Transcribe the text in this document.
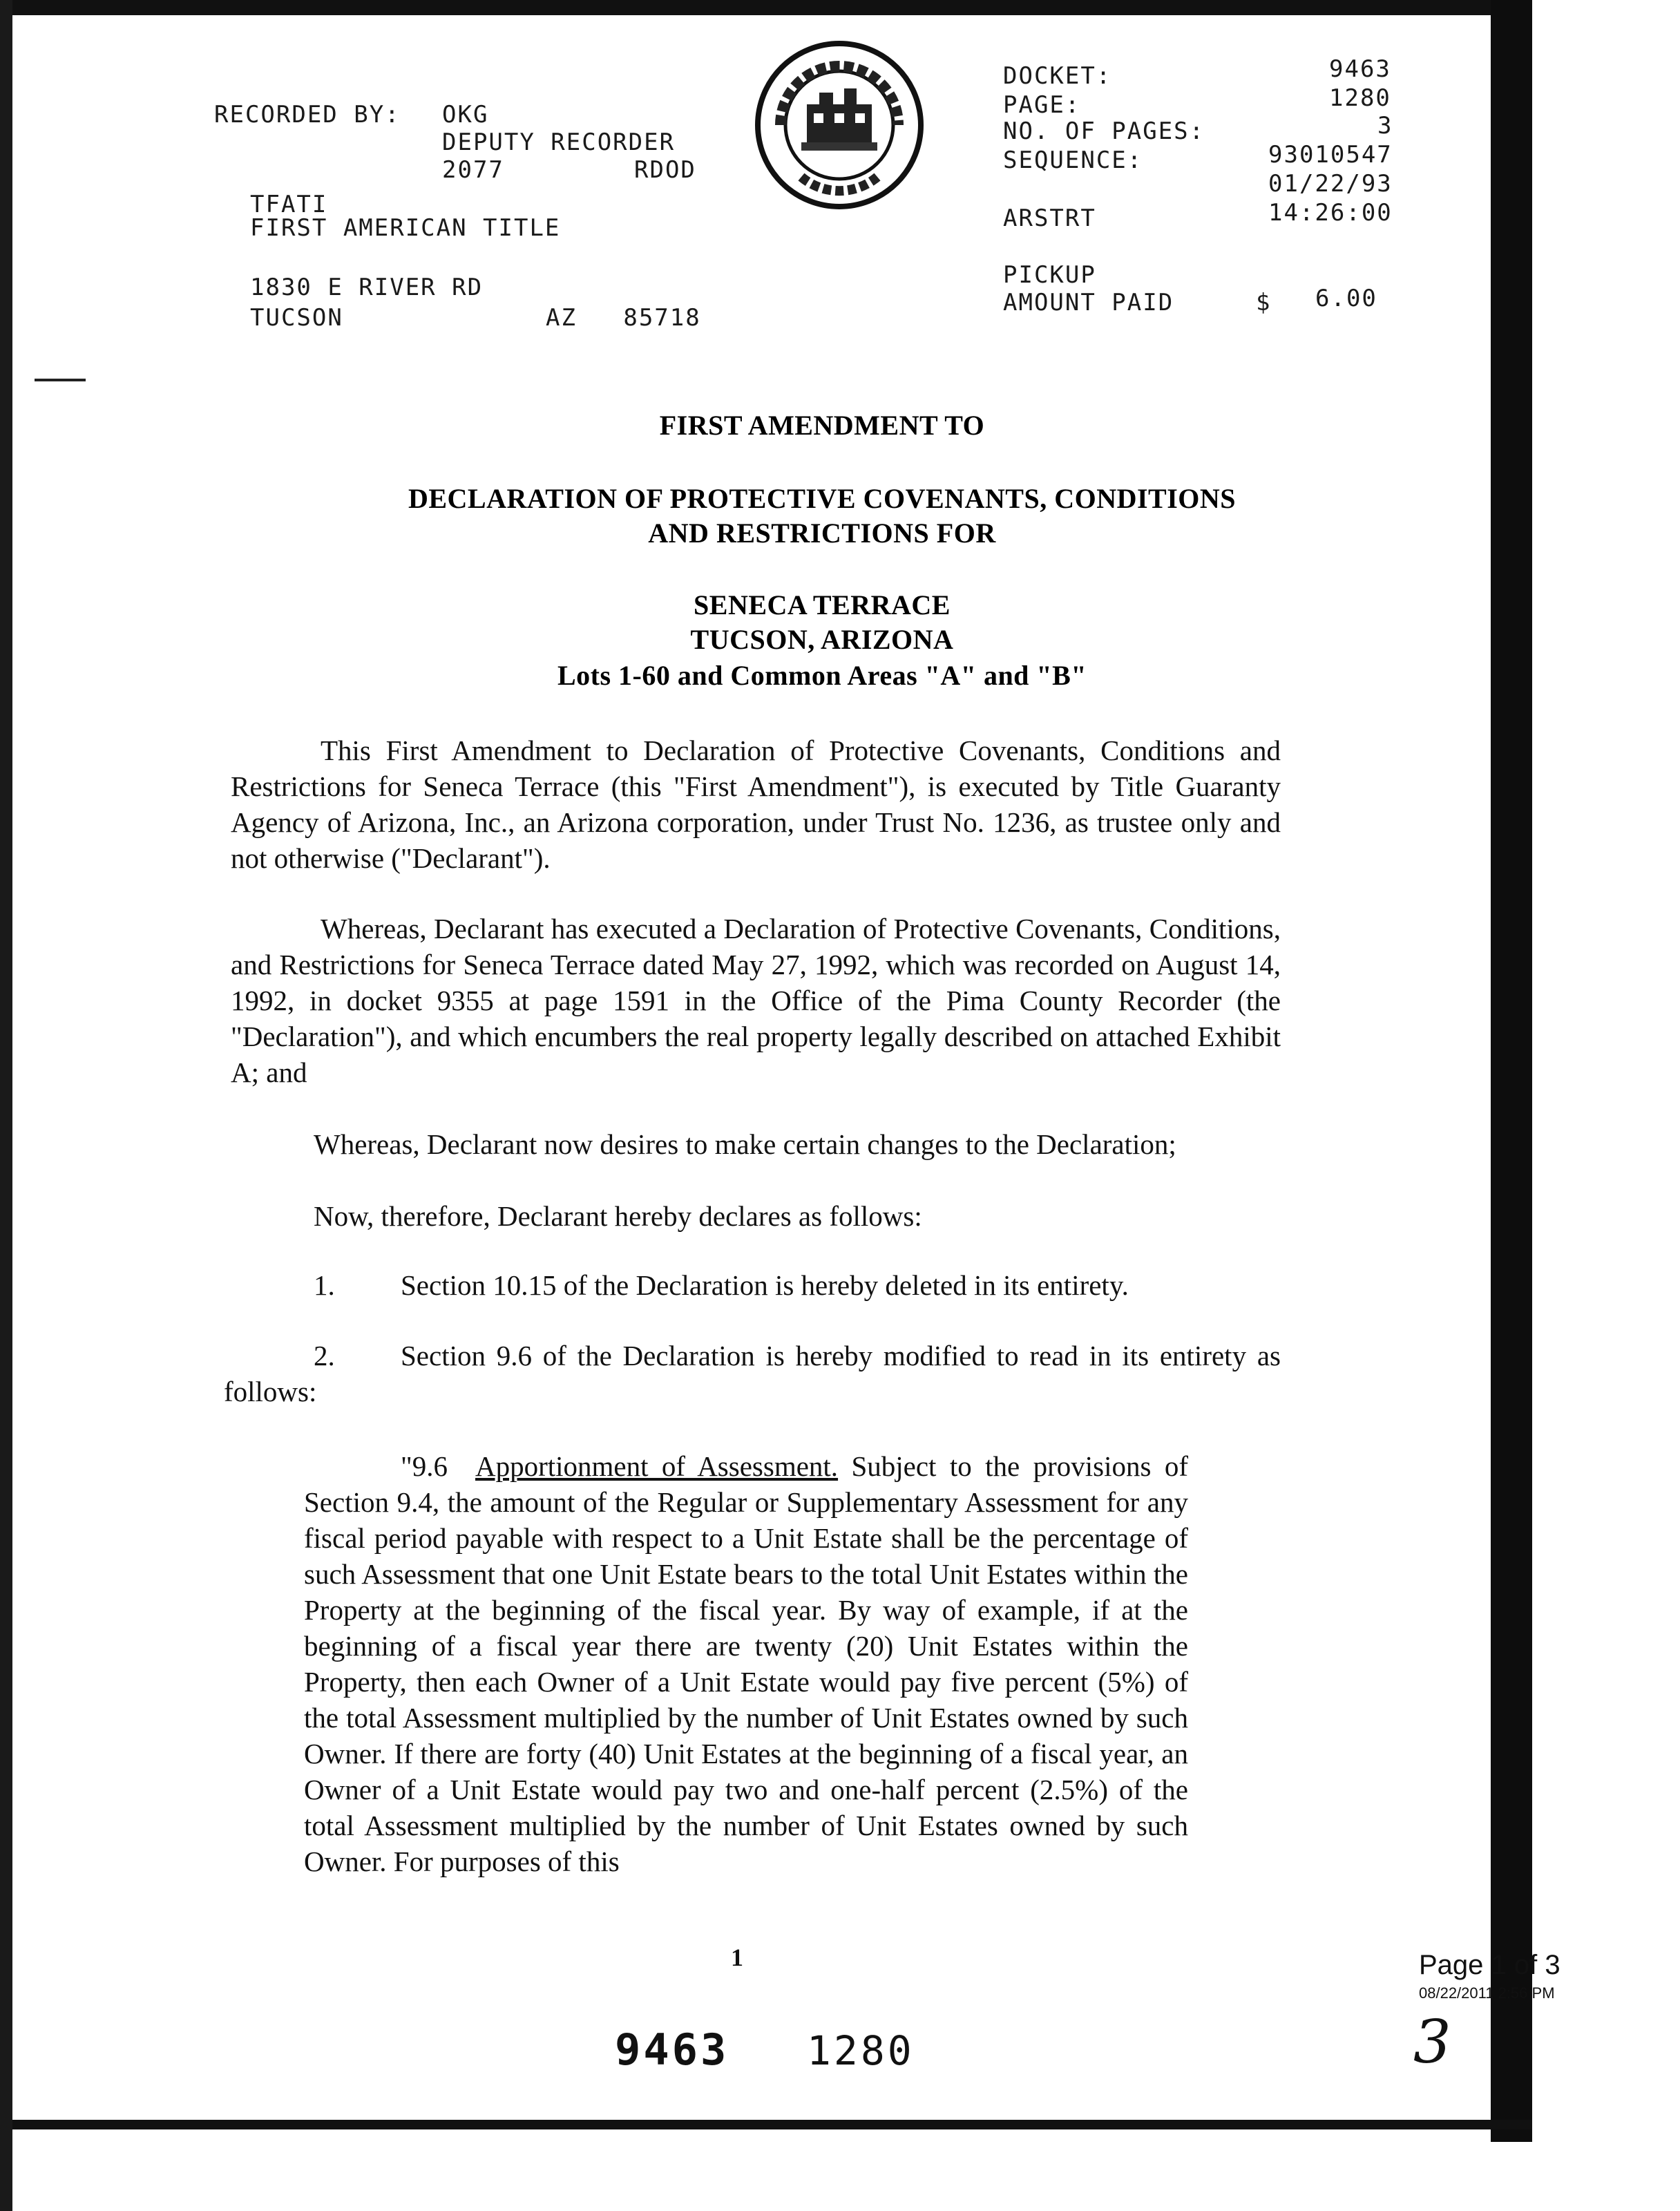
RECORDED BY: OKG
DEPUTY RECORDER
2077	RDOD
TFATI
FIRST AMERICAN TITLE
1830 E RIVER RD
TUCSON	AZ   85718
DOCKET:	9463
PAGE:	1280
NO. OF PAGES:	3
SEQUENCE:	93010547
01/22/93
ARSTRT	14:26:00
PICKUP
AMOUNT PAID	$ 6.00
FIRST AMENDMENT TO
DECLARATION OF PROTECTIVE COVENANTS, CONDITIONS
AND RESTRICTIONS FOR
SENECA TERRACE
TUCSON, ARIZONA
Lots 1-60 and Common Areas "A" and "B"
This First Amendment to Declaration of Protective Covenants, Conditions and Restrictions for Seneca Terrace (this "First Amendment"), is executed by Title Guaranty Agency of Arizona, Inc., an Arizona corporation, under Trust No. 1236, as trustee only and not otherwise ("Declarant").
Whereas, Declarant has executed a Declaration of Protective Covenants, Conditions, and Restrictions for Seneca Terrace dated May 27, 1992, which was recorded on August 14, 1992, in docket 9355 at page 1591 in the Office of the Pima County Recorder (the "Declaration"), and which encumbers the real property legally described on attached Exhibit A; and
Whereas, Declarant now desires to make certain changes to the Declaration;
Now, therefore, Declarant hereby declares as follows:
1.	Section 10.15 of the Declaration is hereby deleted in its entirety.
2.	Section 9.6 of the Declaration is hereby modified to read in its entirety as follows:
"9.6 Apportionment of Assessment. Subject to the provisions of Section 9.4, the amount of the Regular or Supplementary Assessment for any fiscal period payable with respect to a Unit Estate shall be the percentage of such Assessment that one Unit Estate bears to the total Unit Estates within the Property at the beginning of the fiscal year. By way of example, if at the beginning of a fiscal year there are twenty (20) Unit Estates within the Property, then each Owner of a Unit Estate would pay five percent (5%) of the total Assessment multiplied by the number of Unit Estates owned by such Owner. If there are forty (40) Unit Estates at the beginning of a fiscal year, an Owner of a Unit Estate would pay two and one-half percent (2.5%) of the total Assessment multiplied by the number of Unit Estates owned by such Owner. For purposes of this
1
9463 1280
Page 1 of 3
08/22/2011 2:56 PM
3
